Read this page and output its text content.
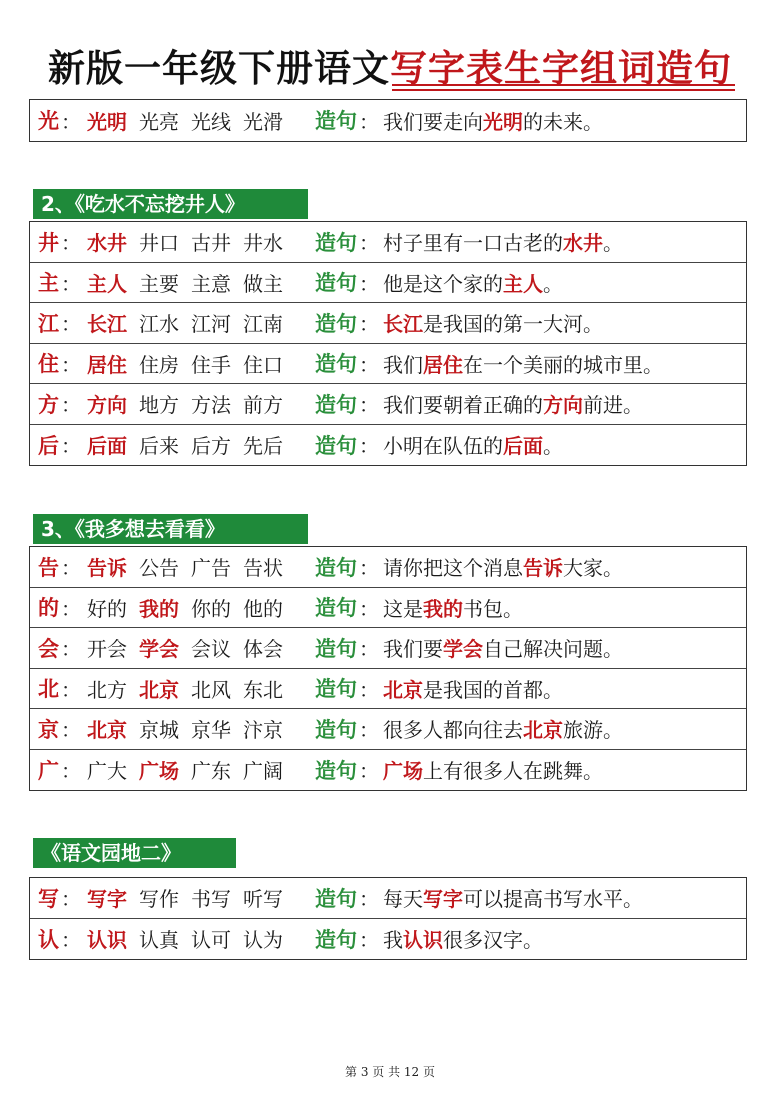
新版一年级下册语文写字表生字组词造句
光 ： 光明 光亮 光线 光滑	造句 ： 我们要走向光明的未来。
2、《吃水不忘挖井人》
井 ： 水井 井口 古井 井水	造句 ： 村子里有一口古老的水井。
主 ： 主人 主要 主意 做主	造句 ： 他是这个家的主人。
江 ： 长江 江水 江河 江南	造句 ： 长江是我国的第一大河。
住 ： 居住 住房 住手 住口	造句 ： 我们居住在一个美丽的城市里。
方 ： 方向 地方 方法 前方	造句 ： 我们要朝着正确的方向前进。
后 ： 后面 后来 后方 先后	造句 ： 小明在队伍的后面。
3、《我多想去看看》
告 ： 告诉 公告 广告 告状	造句 ： 请你把这个消息告诉大家。
的 ： 好的 我的 你的 他的	造句 ： 这是我的书包。
会 ： 开会 学会 会议 体会	造句 ： 我们要学会自己解决问题。
北 ： 北方 北京 北风 东北	造句 ： 北京是我国的首都。
京 ： 北京 京城 京华 汴京	造句 ： 很多人都向往去北京旅游。
广 ： 广大 广场 广东 广阔	造句 ： 广场上有很多人在跳舞。
《语文园地二》
写 ： 写字 写作 书写 听写	造句 ： 每天写字可以提高书写水平。
认 ： 认识 认真 认可 认为	造句 ： 我认识很多汉字。
第 3 页 共 12 页
